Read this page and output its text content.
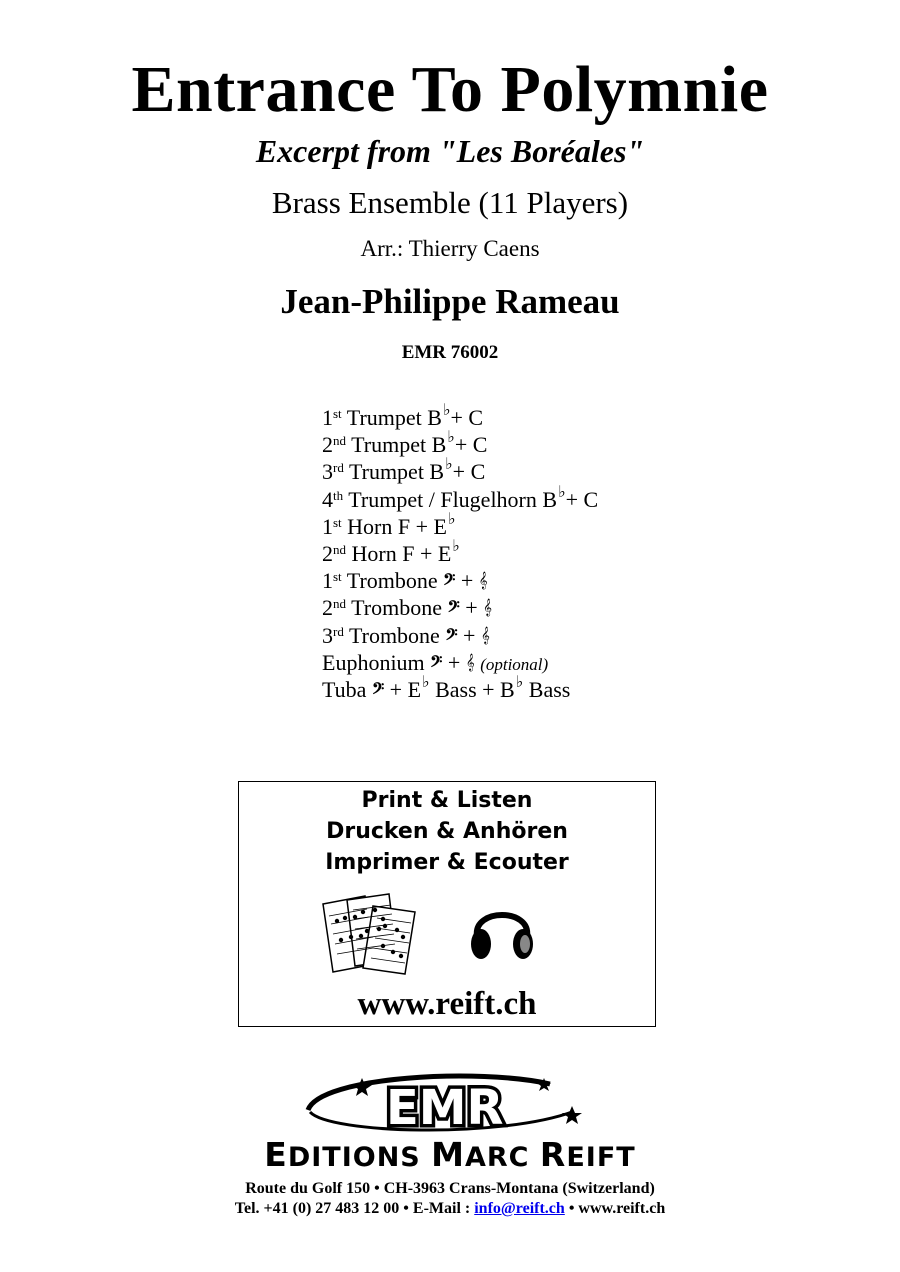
Entrance To Polymnie
Excerpt from "Les Boréales"
Brass Ensemble (11 Players)
Arr.: Thierry Caens
Jean-Philippe Rameau
EMR 76002
1st Trumpet B♭+ C
2nd Trumpet B♭+ C
3rd Trumpet B♭+ C
4th Trumpet / Flugelhorn B♭+ C
1st Horn F + E♭
2nd Horn F + E♭
1st Trombone 𝄢 + 𝄞
2nd Trombone 𝄢 + 𝄞
3rd Trombone 𝄢 + 𝄞
Euphonium 𝄢 + 𝄞 (optional)
Tuba 𝄢 + E♭ Bass + B♭ Bass
Print & Listen
Drucken & Anhören
Imprimer & Ecouter
www.reift.ch
EMR
EDITIONS MARC REIFT
Route du Golf 150 • CH-3963 Crans-Montana (Switzerland)
Tel. +41 (0) 27 483 12 00 • E-Mail : info@reift.ch • www.reift.ch
